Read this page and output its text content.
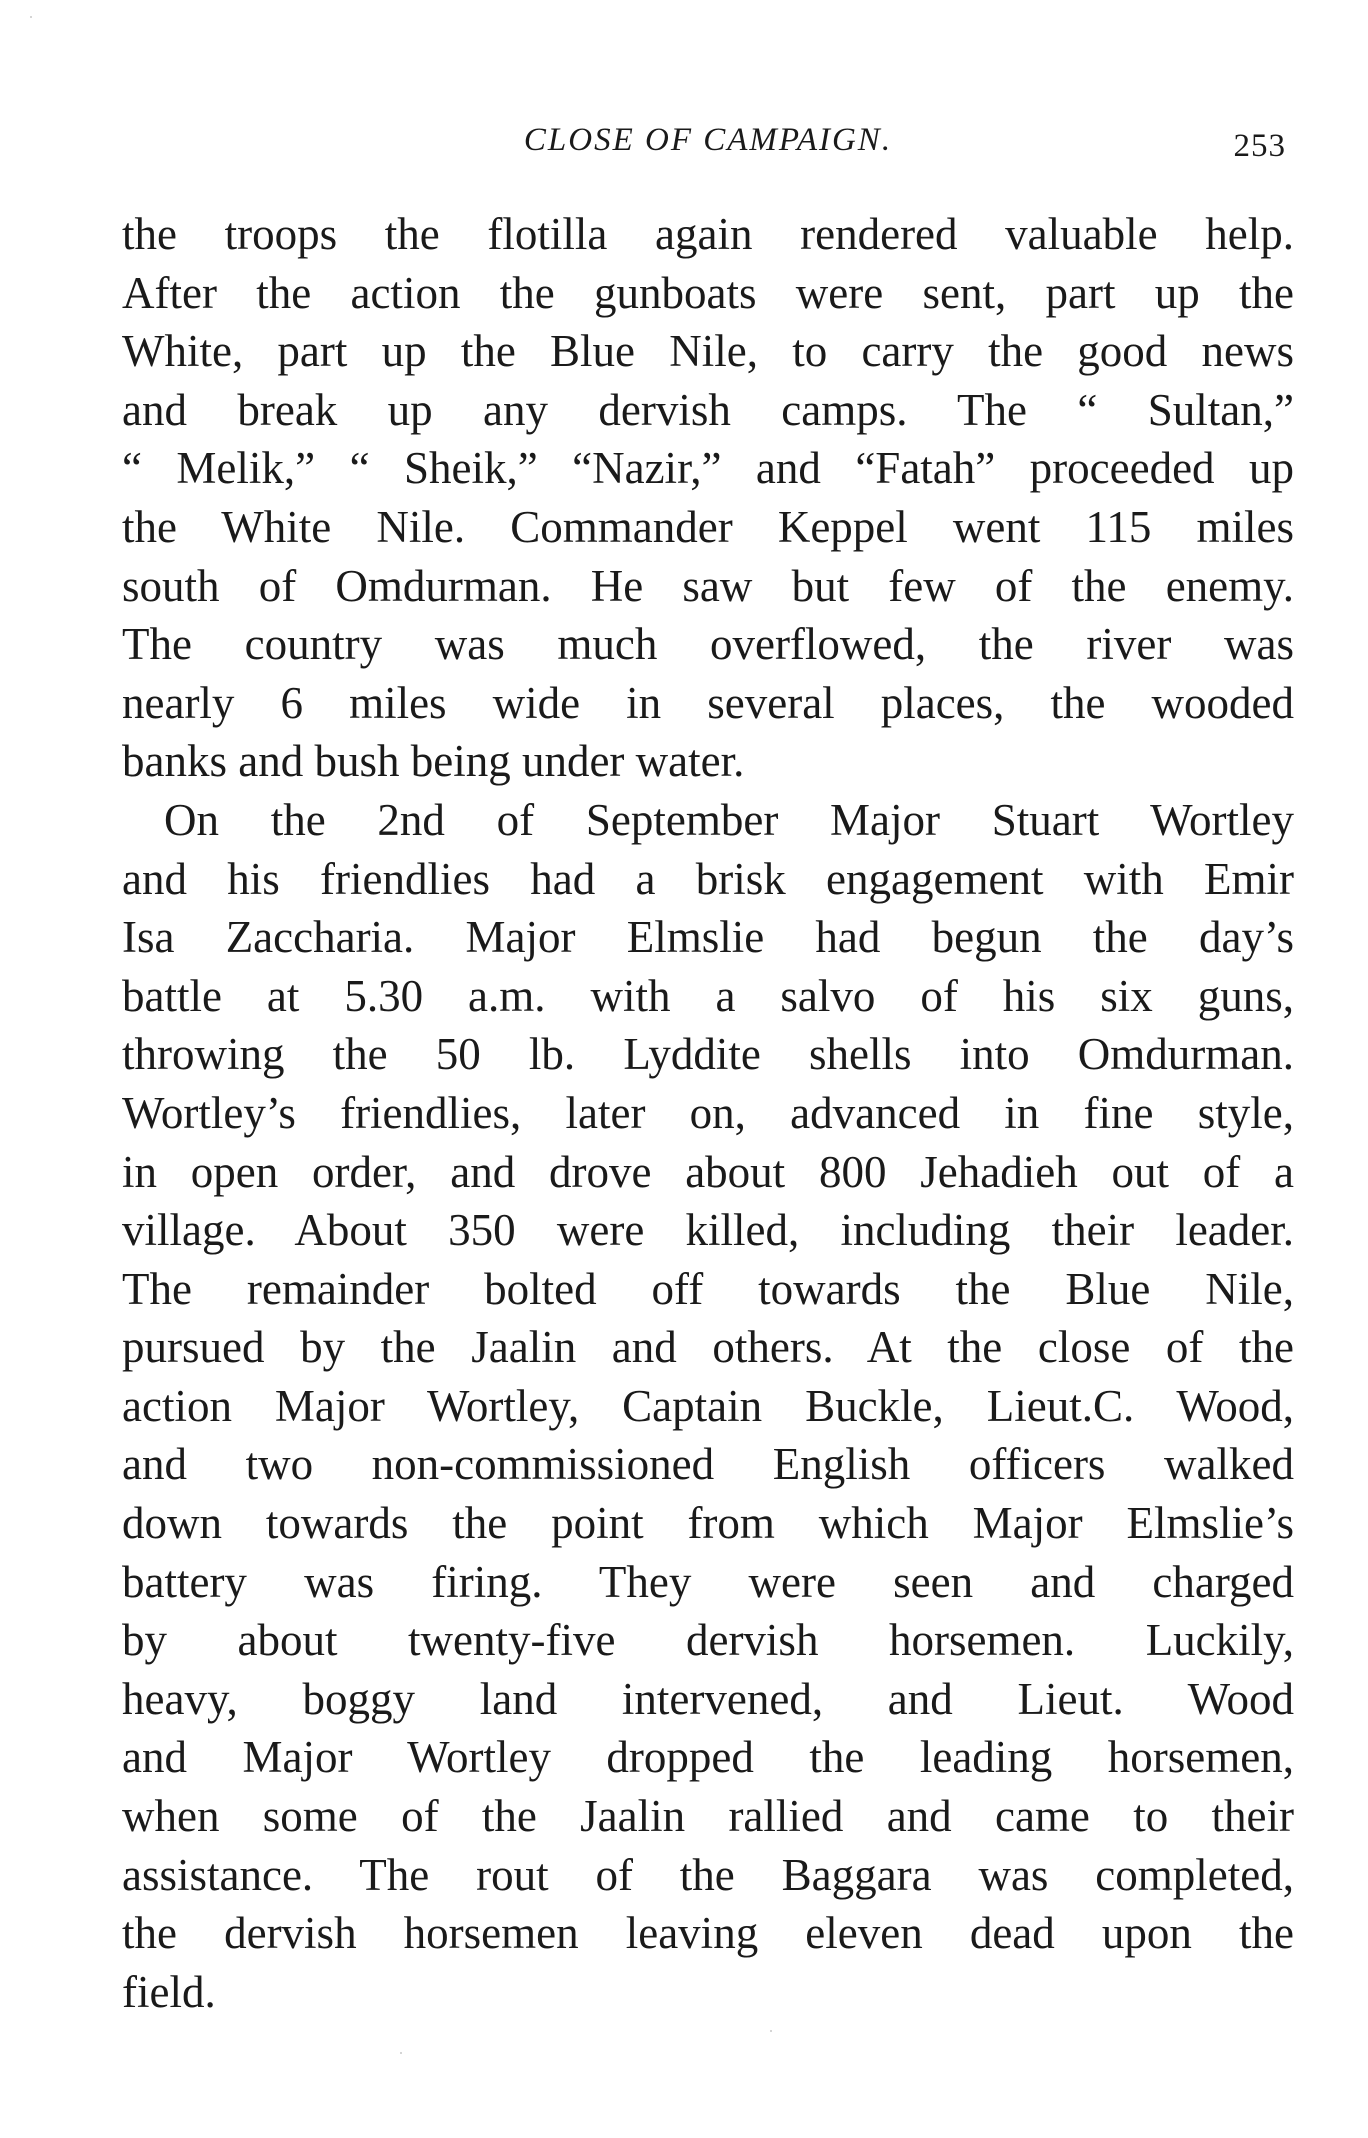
CLOSE OF CAMPAIGN.	253
the troops the flotilla again rendered valuable help.
After the action the gunboats were sent, part up the
White, part up the Blue Nile, to carry the good news
and break up any dervish camps. The “ Sultan,”
“ Melik,” “ Sheik,” “Nazir,” and “Fatah” proceeded up
the White Nile. Commander Keppel went 115 miles
south of Omdurman. He saw but few of the enemy.
The country was much overflowed, the river was
nearly 6 miles wide in several places, the wooded
banks and bush being under water.
On the 2nd of September Major Stuart Wortley
and his friendlies had a brisk engagement with Emir
Isa Zaccharia. Major Elmslie had begun the day’s
battle at 5.30 a.m. with a salvo of his six guns,
throwing the 50 lb. Lyddite shells into Omdurman.
Wortley’s friendlies, later on, advanced in fine style,
in open order, and drove about 800 Jehadieh out of a
village. About 350 were killed, including their leader.
The remainder bolted off towards the Blue Nile,
pursued by the Jaalin and others. At the close of the
action Major Wortley, Captain Buckle, Lieut.C. Wood,
and two non-commissioned English officers walked
down towards the point from which Major Elmslie’s
battery was firing. They were seen and charged
by about twenty-five dervish horsemen. Luckily,
heavy, boggy land intervened, and Lieut. Wood
and Major Wortley dropped the leading horsemen,
when some of the Jaalin rallied and came to their
assistance. The rout of the Baggara was completed,
the dervish horsemen leaving eleven dead upon the
field.
